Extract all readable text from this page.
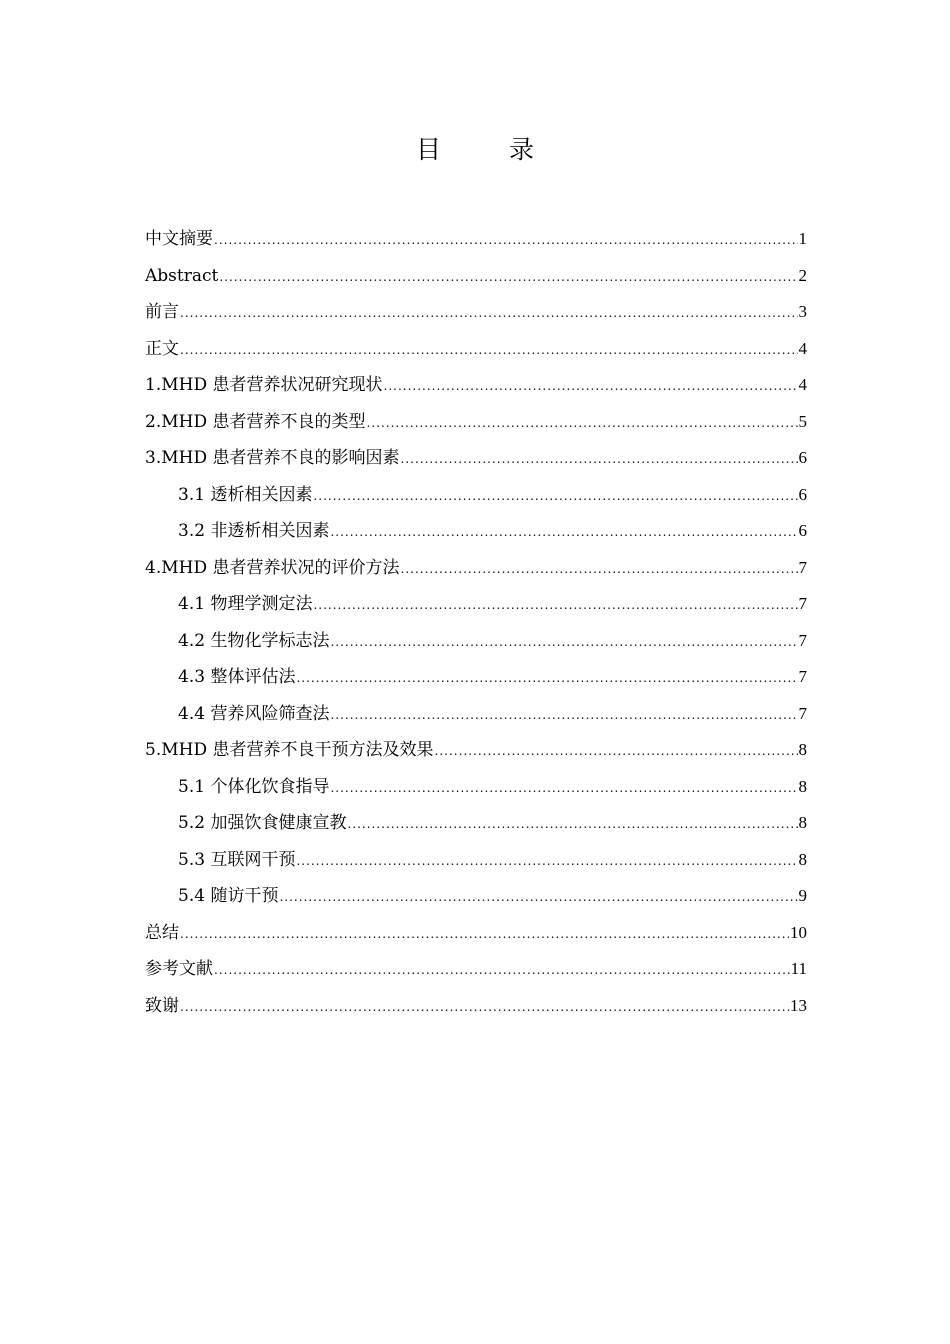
目 录
中文摘要 .....	1
Abstract .....	2
前言 .....	3
正文 .....	4
1.MHD 患者营养状况研究现状 .....	4
2.MHD 患者营养不良的类型 .....	5
3.MHD 患者营养不良的影响因素 .....	6
3.1 透析相关因素 .....	6
3.2 非透析相关因素 .....	6
4.MHD 患者营养状况的评价方法 .....	7
4.1 物理学测定法 .....	7
4.2 生物化学标志法 .....	7
4.3 整体评估法 .....	7
4.4 营养风险筛查法 .....	7
5.MHD 患者营养不良干预方法及效果 .....	8
5.1 个体化饮食指导 .....	8
5.2 加强饮食健康宣教 .....	8
5.3 互联网干预 .....	8
5.4 随访干预 .....	9
总结 .....	10
参考文献 .....	11
致谢 .....	13
